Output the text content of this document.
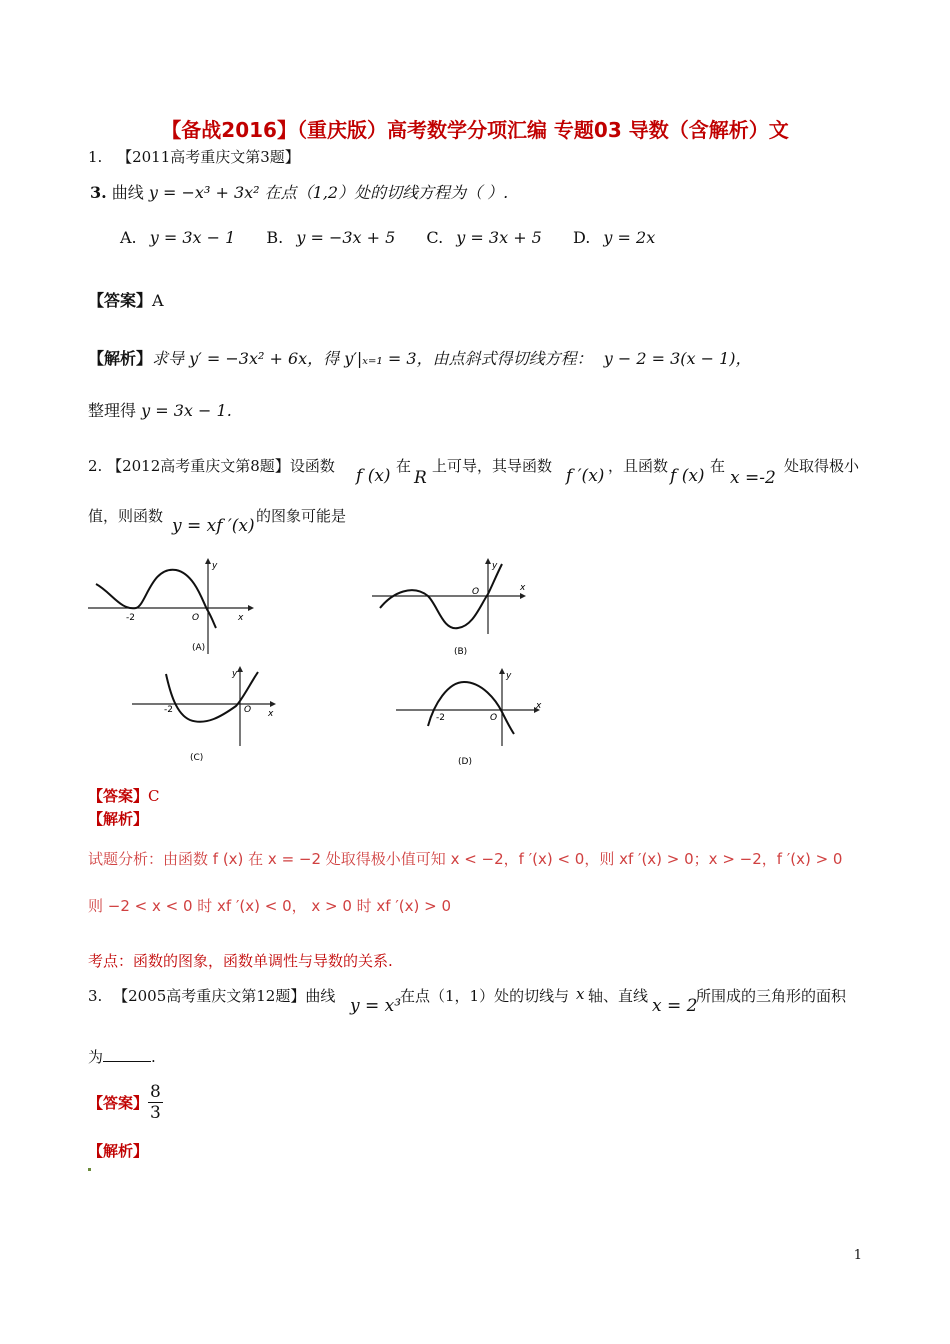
【备战2016】（重庆版）高考数学分项汇编 专题03 导数（含解析）文
1. 【2011高考重庆文第3题】
3. 曲线 y = −x³ + 3x² 在点（1,2）处的切线方程为（ ）.
A. y = 3x − 1 B. y = −3x + 5 C. y = 3x + 5 D. y = 2x
【答案】A
【解析】求导 y′ = −3x² + 6x，得 y′|ₓ₌₁ = 3，由点斜式得切线方程： y − 2 = 3(x − 1)，
整理得 y = 3x − 1.
2. 【2012高考重庆文第8题】设函数 f (x) 在
R
上可导，其导函数 f ′(x) ，且函数 f (x) 在
x =-2
处取得极小
值，则函数 y = xf ′(x) 的图象可能是
-2	O	x
y
(A)
O	x
y
(B)
-2	O x
y
(C)
-2	O
x
y
(D)
【答案】C
【解析】
试题分析：由函数 f (x) 在 x = −2 处取得极小值可知 x < −2，f ′(x) < 0，则 xf ′(x) > 0；x > −2，f ′(x) > 0
则 −2 < x < 0 时 xf ′(x) < 0， x > 0 时 xf ′(x) > 0
考点：函数的图象，函数单调性与导数的关系.
3. 【2005高考重庆文第12题】曲线 y = x³
在点（1，1）处的切线与 x 轴、直线 x = 2
所围成的三角形的面积
为	.
【答案】 $\frac{8}{3}$
【解析】
1
